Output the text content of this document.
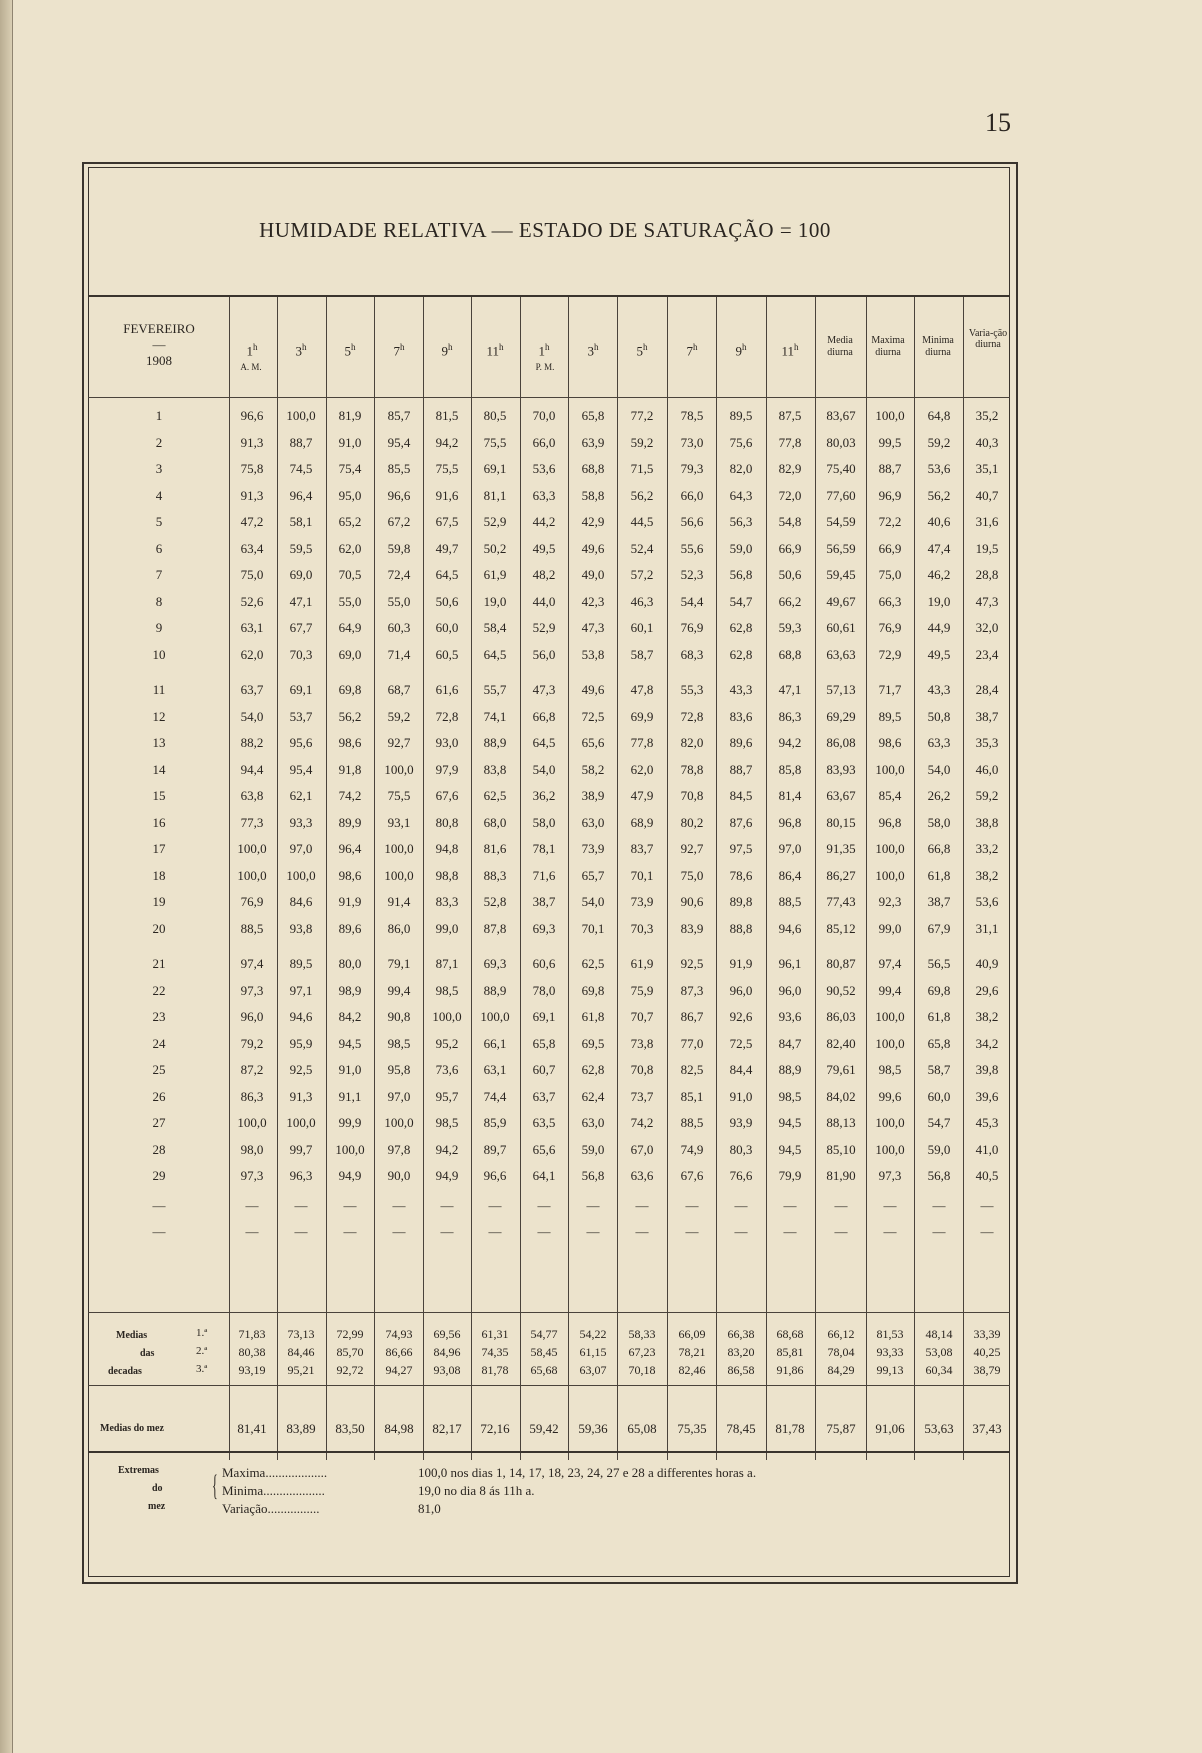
15
HUMIDADE RELATIVA — ESTADO DE SATURAÇÃO = 100
FEVEREIRO
—
1908
1$^h$	3$^h$	5$^h$	7$^h$	9$^h$	11$^h$	1$^h$	3$^h$	5$^h$	7$^h$	9$^h$	11$^h$
A. M.	P. M.
Media diurna
Maxima diurna
Minima diurna
Varia-ção diurna
1	96,6	100,0	81,9	85,7	81,5	80,5	70,0	65,8	77,2	78,5	89,5	87,5	83,67	100,0	64,8	35,2
2	91,3	88,7	91,0	95,4	94,2	75,5	66,0	63,9	59,2	73,0	75,6	77,8	80,03	99,5	59,2	40,3
3	75,8	74,5	75,4	85,5	75,5	69,1	53,6	68,8	71,5	79,3	82,0	82,9	75,40	88,7	53,6	35,1
4	91,3	96,4	95,0	96,6	91,6	81,1	63,3	58,8	56,2	66,0	64,3	72,0	77,60	96,9	56,2	40,7
5	47,2	58,1	65,2	67,2	67,5	52,9	44,2	42,9	44,5	56,6	56,3	54,8	54,59	72,2	40,6	31,6
6	63,4	59,5	62,0	59,8	49,7	50,2	49,5	49,6	52,4	55,6	59,0	66,9	56,59	66,9	47,4	19,5
7	75,0	69,0	70,5	72,4	64,5	61,9	48,2	49,0	57,2	52,3	56,8	50,6	59,45	75,0	46,2	28,8
8	52,6	47,1	55,0	55,0	50,6	19,0	44,0	42,3	46,3	54,4	54,7	66,2	49,67	66,3	19,0	47,3
9	63,1	67,7	64,9	60,3	60,0	58,4	52,9	47,3	60,1	76,9	62,8	59,3	60,61	76,9	44,9	32,0
10	62,0	70,3	69,0	71,4	60,5	64,5	56,0	53,8	58,7	68,3	62,8	68,8	63,63	72,9	49,5	23,4
11	63,7	69,1	69,8	68,7	61,6	55,7	47,3	49,6	47,8	55,3	43,3	47,1	57,13	71,7	43,3	28,4
12	54,0	53,7	56,2	59,2	72,8	74,1	66,8	72,5	69,9	72,8	83,6	86,3	69,29	89,5	50,8	38,7
13	88,2	95,6	98,6	92,7	93,0	88,9	64,5	65,6	77,8	82,0	89,6	94,2	86,08	98,6	63,3	35,3
14	94,4	95,4	91,8	100,0	97,9	83,8	54,0	58,2	62,0	78,8	88,7	85,8	83,93	100,0	54,0	46,0
15	63,8	62,1	74,2	75,5	67,6	62,5	36,2	38,9	47,9	70,8	84,5	81,4	63,67	85,4	26,2	59,2
16	77,3	93,3	89,9	93,1	80,8	68,0	58,0	63,0	68,9	80,2	87,6	96,8	80,15	96,8	58,0	38,8
17	100,0	97,0	96,4	100,0	94,8	81,6	78,1	73,9	83,7	92,7	97,5	97,0	91,35	100,0	66,8	33,2
18	100,0	100,0	98,6	100,0	98,8	88,3	71,6	65,7	70,1	75,0	78,6	86,4	86,27	100,0	61,8	38,2
19	76,9	84,6	91,9	91,4	83,3	52,8	38,7	54,0	73,9	90,6	89,8	88,5	77,43	92,3	38,7	53,6
20	88,5	93,8	89,6	86,0	99,0	87,8	69,3	70,1	70,3	83,9	88,8	94,6	85,12	99,0	67,9	31,1
21	97,4	89,5	80,0	79,1	87,1	69,3	60,6	62,5	61,9	92,5	91,9	96,1	80,87	97,4	56,5	40,9
22	97,3	97,1	98,9	99,4	98,5	88,9	78,0	69,8	75,9	87,3	96,0	96,0	90,52	99,4	69,8	29,6
23	96,0	94,6	84,2	90,8	100,0	100,0	69,1	61,8	70,7	86,7	92,6	93,6	86,03	100,0	61,8	38,2
24	79,2	95,9	94,5	98,5	95,2	66,1	65,8	69,5	73,8	77,0	72,5	84,7	82,40	100,0	65,8	34,2
25	87,2	92,5	91,0	95,8	73,6	63,1	60,7	62,8	70,8	82,5	84,4	88,9	79,61	98,5	58,7	39,8
26	86,3	91,3	91,1	97,0	95,7	74,4	63,7	62,4	73,7	85,1	91,0	98,5	84,02	99,6	60,0	39,6
27	100,0	100,0	99,9	100,0	98,5	85,9	63,5	63,0	74,2	88,5	93,9	94,5	88,13	100,0	54,7	45,3
28	98,0	99,7	100,0	97,8	94,2	89,7	65,6	59,0	67,0	74,9	80,3	94,5	85,10	100,0	59,0	41,0
29	97,3	96,3	94,9	90,0	94,9	96,6	64,1	56,8	63,6	67,6	76,6	79,9	81,90	97,3	56,8	40,5
—	—	—	—	—	—	—	—	—	—	—	—	—	—	—	—	—
—	—	—	—	—	—	—	—	—	—	—	—	—	—	—	—	—
Medias
das
decadas
1.ª	71,83	73,13	72,99	74,93	69,56	61,31	54,77	54,22	58,33	66,09	66,38	68,68	66,12	81,53	48,14	33,39
2.ª	80,38	84,46	85,70	86,66	84,96	74,35	58,45	61,15	67,23	78,21	83,20	85,81	78,04	93,33	53,08	40,25
3.ª	93,19	95,21	92,72	94,27	93,08	81,78	65,68	63,07	70,18	82,46	86,58	91,86	84,29	99,13	60,34	38,79
Medias do mez	81,41	83,89	83,50	84,98	82,17	72,16	59,42	59,36	65,08	75,35	78,45	81,78	75,87	91,06	53,63	37,43
Extremas
do
mez
{ Maxima...................	100,0 nos dias 1, 14, 17, 18, 23, 24, 27 e 28 a differentes horas a.
Minima...................	19,0 no dia 8 ás 11h a.
Variação................	81,0
